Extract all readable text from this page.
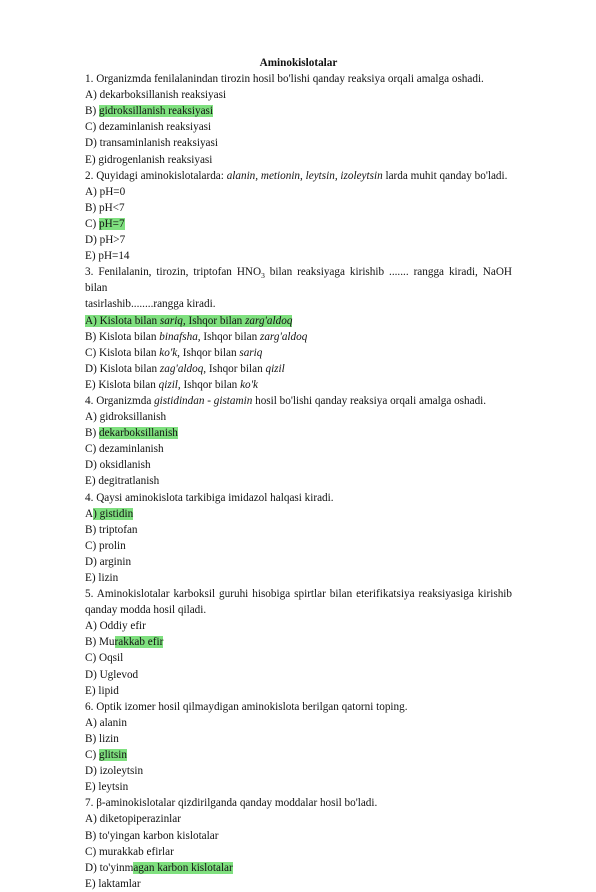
Aminokislotalar
1. Organizmda fenilalanindan tirozin hosil bo'lishi qanday reaksiya orqali amalga oshadi.
A) dekarboksillanish reaksiyasi
B) gidroksillanish reaksiyasi
C) dezaminlanish reaksiyasi
D) transaminlanish reaksiyasi
E) gidrogenlanish reaksiyasi
2. Quyidagi aminokislotalarda: alanin, metionin, leytsin, izoleytsin larda muhit qanday bo'ladi.
A) pH=0
B) pH<7
C) pH=7
D) pH>7
E) pH=14
3. Fenilalanin, tirozin, triptofan $HNO_3$ bilan reaksiyaga kirishib ....... rangga kiradi, NaOH bilan
tasirlashib........rangga kiradi.
A) Kislota bilan sariq, Ishqor bilan zarg'aldoq
B) Kislota bilan binafsha, Ishqor bilan zarg'aldoq
C) Kislota bilan ko'k, Ishqor bilan sariq
D) Kislota bilan zag'aldoq, Ishqor bilan qizil
E) Kislota bilan qizil, Ishqor bilan ko'k
4. Organizmda gistidindan - gistamin hosil bo'lishi qanday reaksiya orqali amalga oshadi.
A) gidroksillanish
B) dekarboksillanish
C) dezaminlanish
D) oksidlanish
E) degitratlanish
4. Qaysi aminokislota tarkibiga imidazol halqasi kiradi.
A) gistidin
B) triptofan
C) prolin
D) arginin
E) lizin
5. Aminokislotalar karboksil guruhi hisobiga spirtlar bilan eterifikatsiya reaksiyasiga kirishib
qanday modda hosil qiladi.
A) Oddiy efir
B) Murakkab efir
C) Oqsil
D) Uglevod
E) lipid
6. Optik izomer hosil qilmaydigan aminokislota berilgan qatorni toping.
A) alanin
B) lizin
C) glitsin
D) izoleytsin
E) leytsin
7. β-aminokislotalar qizdirilganda qanday moddalar hosil bo'ladi.
A) diketopiperazinlar
B) to'yingan karbon kislotalar
C) murakkab efirlar
D) to'yinmagan karbon kislotalar
E) laktamlar
